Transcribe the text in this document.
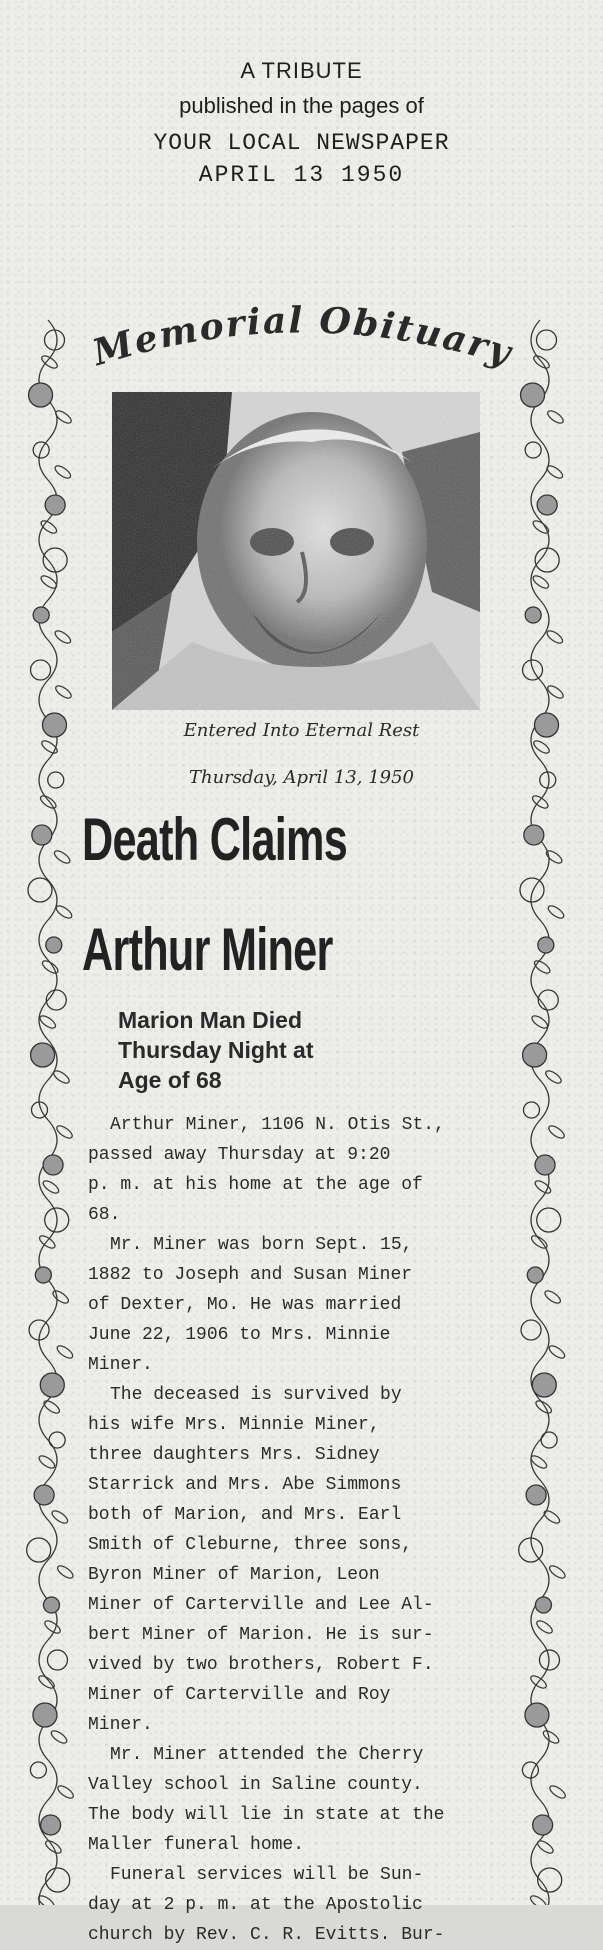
A TRIBUTE
published in the pages of
YOUR LOCAL NEWSPAPER
APRIL 13 1950
Memorial Obituary
Entered Into Eternal Rest
Thursday, April 13, 1950
Death Claims
Arthur Miner
Marion Man Died
Thursday Night at
Age of 68
Arthur Miner, 1106 N. Otis St.,
passed away Thursday at 9:20
p. m. at his home at the age of
68.
Mr. Miner was born Sept. 15,
1882 to Joseph and Susan Miner
of Dexter, Mo. He was married
June 22, 1906 to Mrs. Minnie
Miner.
The deceased is survived by
his wife Mrs. Minnie Miner,
three daughters Mrs. Sidney
Starrick and Mrs. Abe Simmons
both of Marion, and Mrs. Earl
Smith of Cleburne, three sons,
Byron Miner of Marion, Leon
Miner of Carterville and Lee Al-
bert Miner of Marion. He is sur-
vived by two brothers, Robert F.
Miner of Carterville and Roy
Miner.
Mr. Miner attended the Cherry
Valley school in Saline county.
The body will lie in state at the
Maller funeral home.
Funeral services will be Sun-
day at 2 p. m. at the Apostolic
church by Rev. C. R. Evitts. Bur-
